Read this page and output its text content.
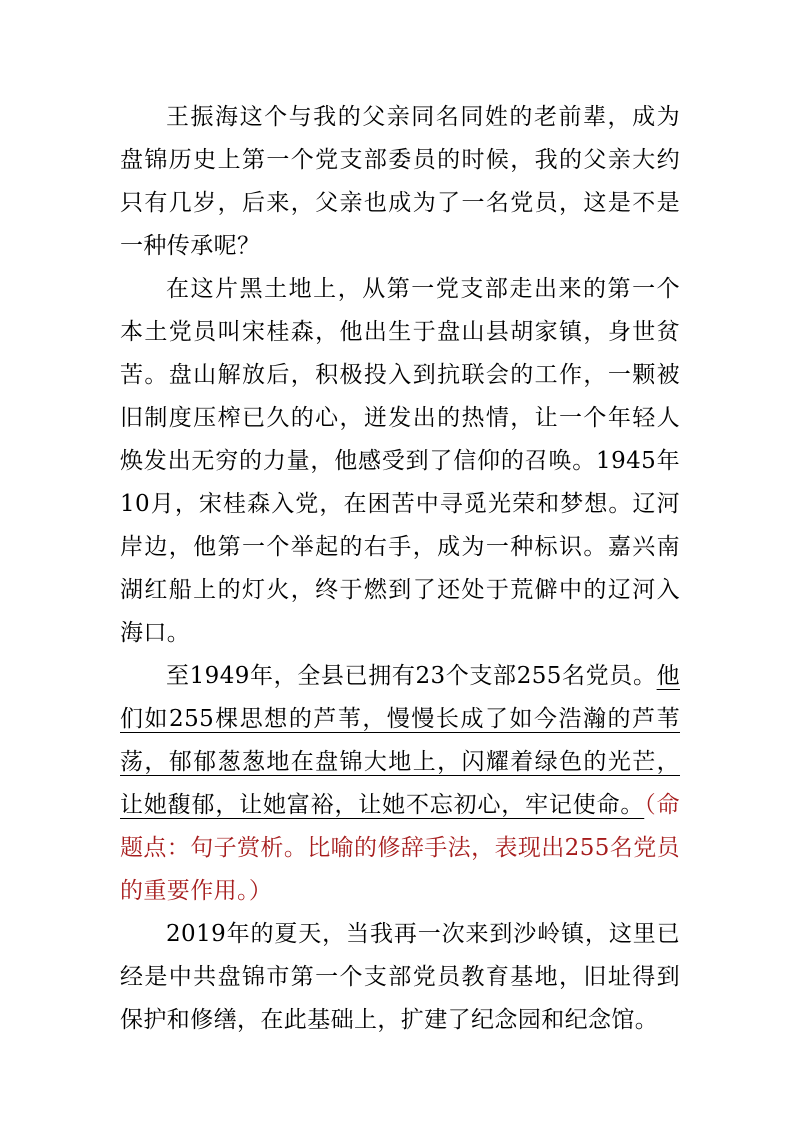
王振海这个与我的父亲同名同姓的老前辈，成为盘锦历史上第一个党支部委员的时候，我的父亲大约只有几岁，后来，父亲也成为了一名党员，这是不是一种传承呢？

在这片黑土地上，从第一党支部走出来的第一个本土党员叫宋桂森，他出生于盘山县胡家镇，身世贫苦。盘山解放后，积极投入到抗联会的工作，一颗被旧制度压榨已久的心，迸发出的热情，让一个年轻人焕发出无穷的力量，他感受到了信仰的召唤。1945年10月，宋桂森入党，在困苦中寻觅光荣和梦想。辽河岸边，他第一个举起的右手，成为一种标识。嘉兴南湖红船上的灯火，终于燃到了还处于荒僻中的辽河入海口。

至1949年，全县已拥有23个支部255名党员。他们如255棵思想的芦苇，慢慢长成了如今浩瀚的芦苇荡，郁郁葱葱地在盘锦大地上，闪耀着绿色的光芒，让她馥郁，让她富裕，让她不忘初心，牢记使命。（命题点：句子赏析。比喻的修辞手法，表现出255名党员的重要作用。）

2019年的夏天，当我再一次来到沙岭镇，这里已经是中共盘锦市第一个支部党员教育基地，旧址得到保护和修缮，在此基础上，扩建了纪念园和纪念馆。
